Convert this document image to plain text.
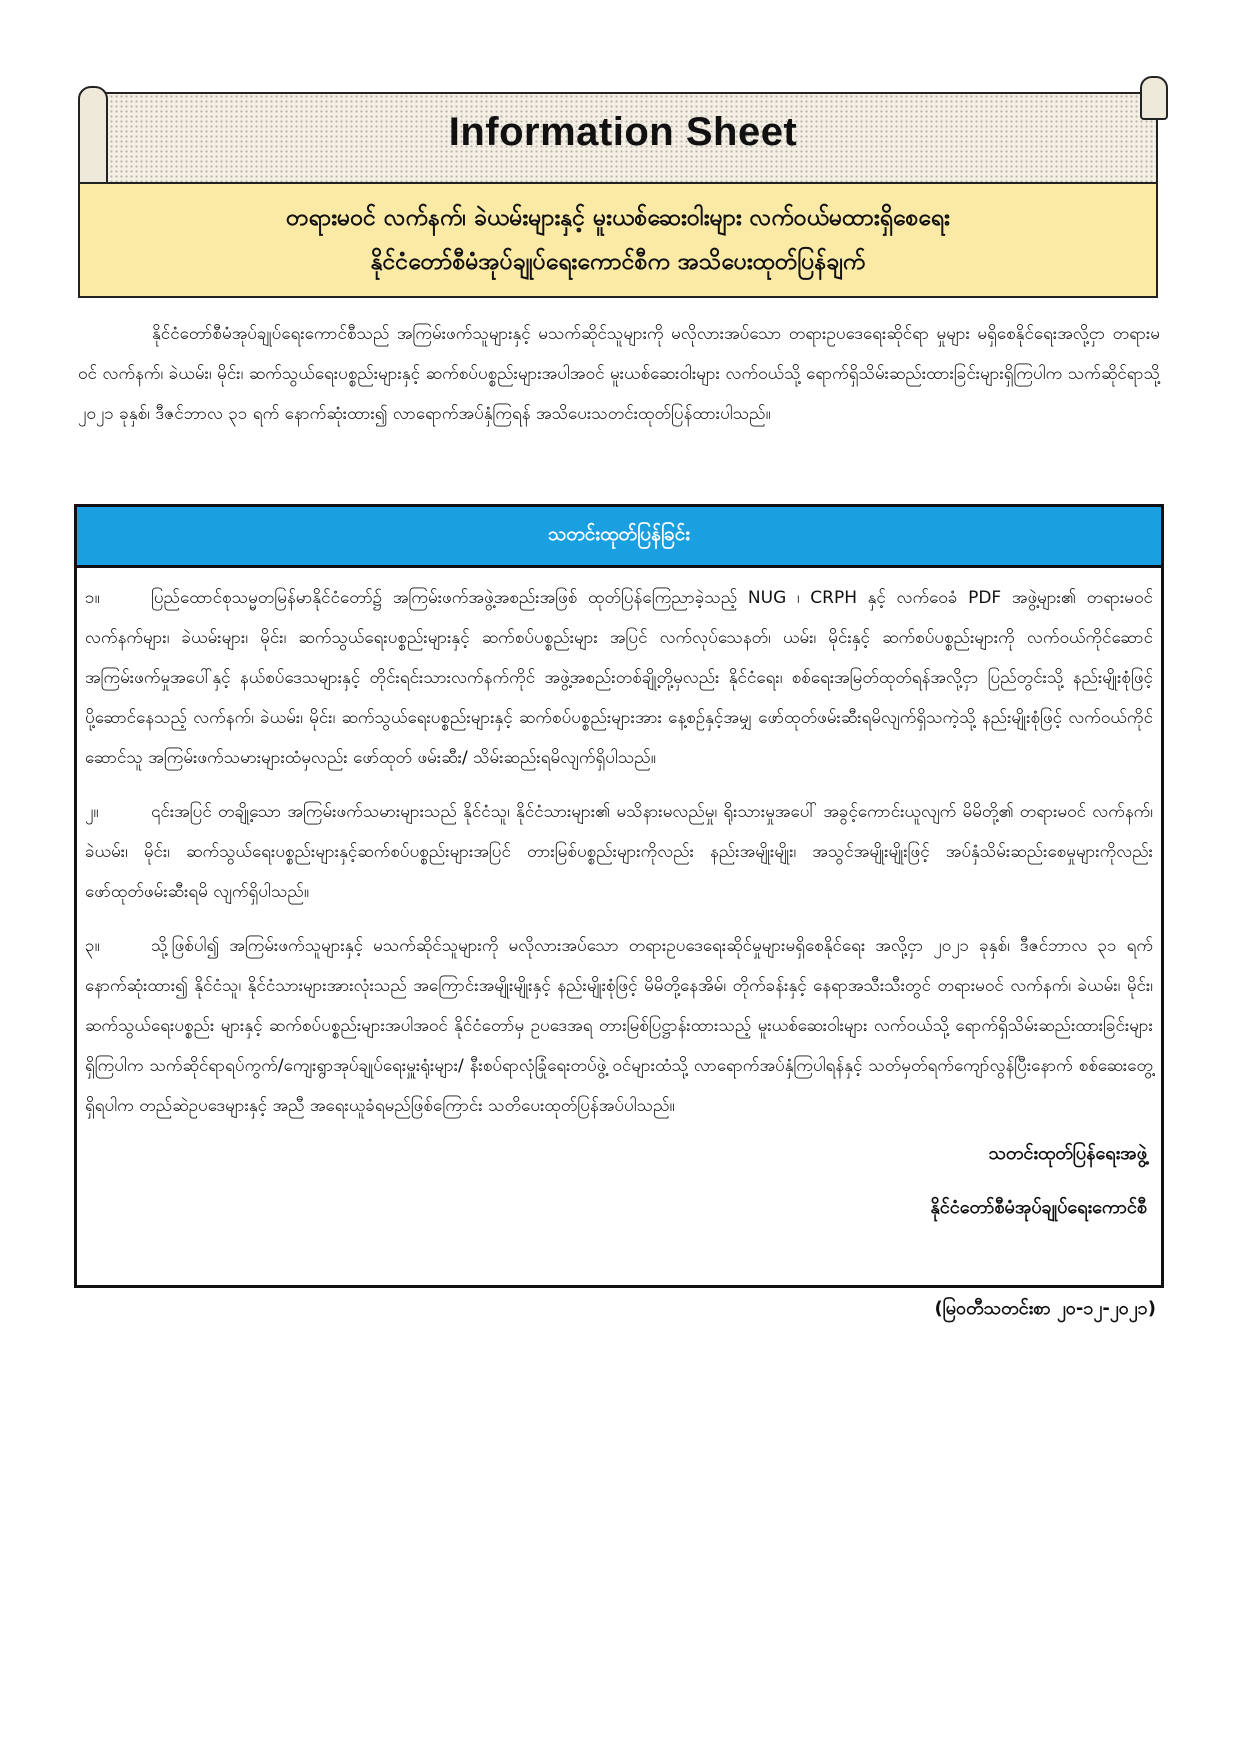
Information Sheet
တရားမဝင် လက်နက်၊ ခဲယမ်းများနှင့် မူးယစ်ဆေးဝါးများ လက်ဝယ်မထားရှိစေရေး
နိုင်ငံတော်စီမံအုပ်ချုပ်ရေးကောင်စီက အသိပေးထုတ်ပြန်ချက်

နိုင်ငံတော်စီမံအုပ်ချုပ်ရေးကောင်စီသည် အကြမ်းဖက်သူများနှင့် မသက်ဆိုင်သူများကို မလိုလားအပ်သော တရားဥပဒေရေးဆိုင်ရာ မှုများ မရှိစေနိုင်ရေးအလို့ငှာ တရားမဝင် လက်နက်၊ ခဲယမ်း၊ မိုင်း၊ ဆက်သွယ်ရေးပစ္စည်းများနှင့် ဆက်စပ်ပစ္စည်းများအပါအဝင် မူးယစ်ဆေးဝါးများ လက်ဝယ်သို့ ရောက်ရှိသိမ်းဆည်းထားခြင်းများရှိကြပါက သက်ဆိုင်ရာသို့ ၂၀၂၁ ခုနှစ်၊ ဒီဇင်ဘာလ ၃၁ ရက် နောက်ဆုံးထား၍ လာရောက်အပ်နှံကြရန် အသိပေးသတင်းထုတ်ပြန်ထားပါသည်။

သတင်းထုတ်ပြန်ခြင်း
၁။	ပြည်ထောင်စုသမ္မတမြန်မာနိုင်ငံတော်၌ အကြမ်းဖက်အဖွဲ့အစည်းအဖြစ် ထုတ်ပြန်ကြေညာခဲ့သည့် NUG ၊ CRPH နှင့် လက်ဝေခံ PDF အဖွဲ့များ၏ တရားမဝင် လက်နက်များ၊ ခဲယမ်းများ၊ မိုင်း၊ ဆက်သွယ်ရေးပစ္စည်းများနှင့် ဆက်စပ်ပစ္စည်းများ အပြင် လက်လုပ်သေနတ်၊ ယမ်း၊ မိုင်းနှင့် ဆက်စပ်ပစ္စည်းများကို လက်ဝယ်ကိုင်ဆောင်အကြမ်းဖက်မှုအပေါ်နှင့် နယ်စပ်ဒေသများနှင့် တိုင်းရင်းသားလက်နက်ကိုင် အဖွဲ့အစည်းတစ်ချို့တို့မှလည်း နိုင်ငံရေး၊ စစ်ရေးအမြတ်ထုတ်ရန်အလို့ငှာ ပြည်တွင်းသို့ နည်းမျိုးစုံဖြင့် ပို့ဆောင်နေသည့် လက်နက်၊ ခဲယမ်း၊ မိုင်း၊ ဆက်သွယ်ရေးပစ္စည်းများနှင့် ဆက်စပ်ပစ္စည်းများအား နေ့စဉ်နှင့်အမျှ ဖော်ထုတ်ဖမ်းဆီးရမိလျက်ရှိသကဲ့သို့ နည်းမျိုးစုံဖြင့် လက်ဝယ်ကိုင်ဆောင်သူ အကြမ်းဖက်သမားများထံမှလည်း ဖော်ထုတ် ဖမ်းဆီး/ သိမ်းဆည်းရမိလျက်ရှိပါသည်။
၂။	၎င်းအပြင် တချို့သော အကြမ်းဖက်သမားများသည် နိုင်ငံသူ၊ နိုင်ငံသားများ၏ မသိနားမလည်မှု၊ ရိုးသားမှုအပေါ် အခွင့်ကောင်းယူလျက် မိမိတို့၏ တရားမဝင် လက်နက်၊ ခဲယမ်း၊ မိုင်း၊ ဆက်သွယ်ရေးပစ္စည်းများနှင့်ဆက်စပ်ပစ္စည်းများအပြင် တားမြစ်ပစ္စည်းများကိုလည်း နည်းအမျိုးမျိုး၊ အသွင်အမျိုးမျိုးဖြင့် အပ်နှံသိမ်းဆည်းစေမှုများကိုလည်း ဖော်ထုတ်ဖမ်းဆီးရမိ လျက်ရှိပါသည်။
၃။	သို့ဖြစ်ပါ၍ အကြမ်းဖက်သူများနှင့် မသက်ဆိုင်သူများကို မလိုလားအပ်သော တရားဥပဒေရေးဆိုင်မှုများမရှိစေနိုင်ရေး အလို့ငှာ ၂၀၂၁ ခုနှစ်၊ ဒီဇင်ဘာလ ၃၁ ရက် နောက်ဆုံးထား၍ နိုင်ငံသူ၊ နိုင်ငံသားများအားလုံးသည် အကြောင်းအမျိုးမျိုးနှင့် နည်းမျိုးစုံဖြင့် မိမိတို့နေအိမ်၊ တိုက်ခန်းနှင့် နေရာအသီးသီးတွင် တရားမဝင် လက်နက်၊ ခဲယမ်း၊ မိုင်း၊ ဆက်သွယ်ရေးပစ္စည်း များနှင့် ဆက်စပ်ပစ္စည်းများအပါအဝင် နိုင်ငံတော်မှ ဥပဒေအရ တားမြစ်ပြဋ္ဌာန်းထားသည့် မူးယစ်ဆေးဝါးများ လက်ဝယ်သို့ ရောက်ရှိသိမ်းဆည်းထားခြင်းများရှိကြပါက သက်ဆိုင်ရာရပ်ကွက်/ကျေးရွာအုပ်ချုပ်ရေးမှူးရုံးများ/ နီးစပ်ရာလုံခြုံရေးတပ်ဖွဲ့ ဝင်များထံသို့ လာရောက်အပ်နှံကြပါရန်နှင့် သတ်မှတ်ရက်ကျော်လွန်ပြီးနောက် စစ်ဆေးတွေ့ရှိရပါက တည်ဆဲဥပဒေများနှင့် အညီ အရေးယူခံရမည်ဖြစ်ကြောင်း သတိပေးထုတ်ပြန်အပ်ပါသည်။
သတင်းထုတ်ပြန်ရေးအဖွဲ့
နိုင်ငံတော်စီမံအုပ်ချုပ်ရေးကောင်စီ
(မြဝတီသတင်းစာ ၂၀-၁၂-၂၀၂၁)
